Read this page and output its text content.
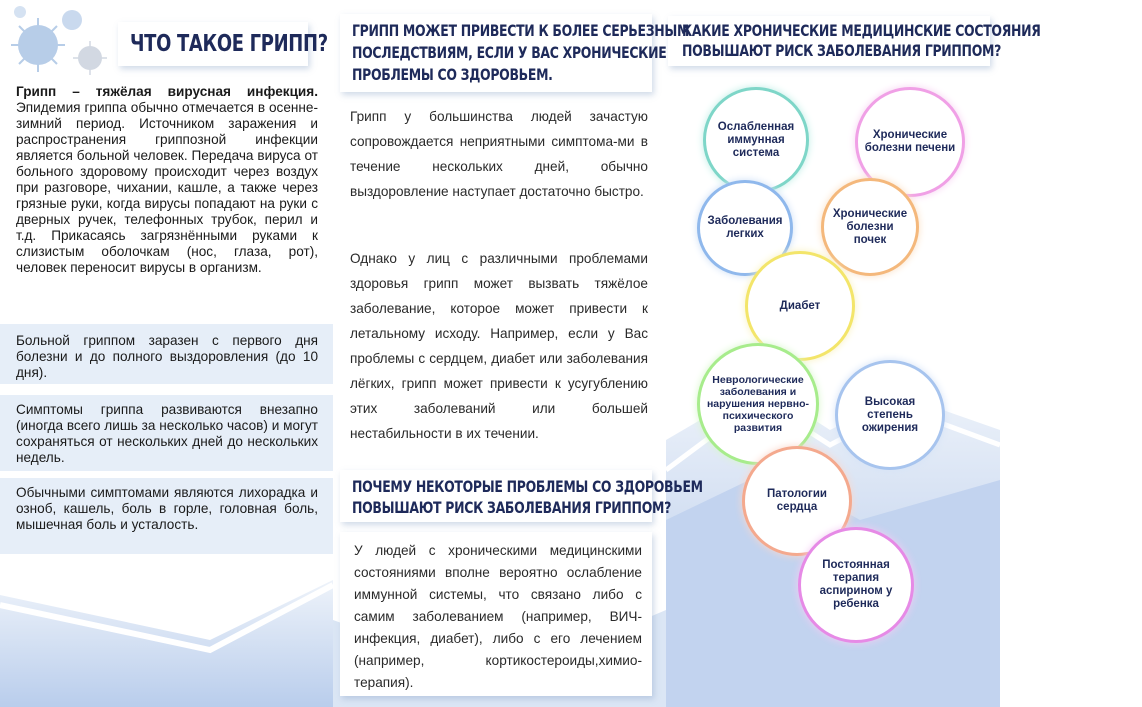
ЧТО ТАКОЕ ГРИПП?
Грипп – тяжёлая вирусная инфекция. Эпидемия гриппа обычно отмечается в осенне-зимний период. Источником заражения и распространения гриппозной инфекции является больной человек. Передача вируса от больного здоровому происходит через воздух при разговоре, чихании, кашле, а также через грязные руки, когда вирусы попадают на руки с дверных ручек, телефонных трубок, перил и т.д. Прикасаясь загрязнёнными руками к слизистым оболочкам (нос, глаза, рот), человек переносит вирусы в организм.
Больной гриппом заразен с первого дня болезни и до полного выздоровления (до 10 дня).
Симптомы гриппа развиваются внезапно (иногда всего лишь за несколько часов) и могут сохраняться от нескольких дней до нескольких недель.
Обычными симптомами являются лихорадка и озноб, кашель, боль в горле, головная боль, мышечная боль и усталость.
ГРИПП МОЖЕТ ПРИВЕСТИ К БОЛЕЕ СЕРЬЕЗНЫМ
ПОСЛЕДСТВИЯМ, ЕСЛИ У ВАС ХРОНИЧЕСКИЕ
ПРОБЛЕМЫ СО ЗДОРОВЬЕМ.
Грипп у большинства людей зачастую сопровождается неприятными симптома-ми в течение нескольких дней, обычно выздоровление наступает достаточно быстро.
Однако у лиц с различными проблемами здоровья грипп может вызвать тяжёлое заболевание, которое может привести к летальному исходу. Например, если у Вас проблемы с сердцем, диабет или заболевания лёгких, грипп может привести к усугублению этих заболеваний или большей нестабильности в их течении.
ПОЧЕМУ НЕКОТОРЫЕ ПРОБЛЕМЫ СО ЗДОРОВЬЕМ
ПОВЫШАЮТ РИСК ЗАБОЛЕВАНИЯ ГРИППОМ?
У людей с хроническими медицинскими состояниями вполне вероятно ослабление иммунной системы, что связано либо с самим заболеванием (например, ВИЧ-инфекция, диабет), либо с его лечением (например, кортикостероиды,химио-терапия).
КАКИЕ ХРОНИЧЕСКИЕ МЕДИЦИНСКИЕ СОСТОЯНИЯ
ПОВЫШАЮТ РИСК ЗАБОЛЕВАНИЯ ГРИППОМ?
Ослабленная иммунная система
Хронические болезни печени
Заболевания легких
Хронические болезни почек
Диабет
Неврологические заболевания и нарушения нервно-психического развития
Высокая степень ожирения
Патологии сердца
Постоянная терапия аспирином у ребенка
